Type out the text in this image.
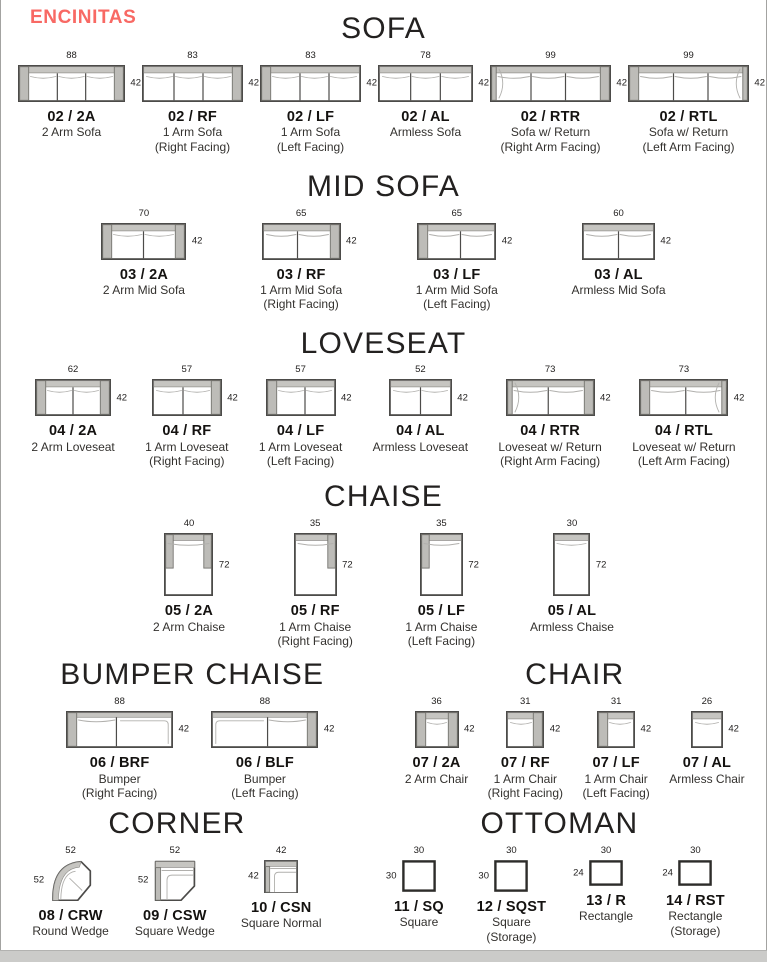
ENCINITAS	SOFA
88
42
02 / 2A
2 Arm Sofa
83
42
02 / RF
1 Arm Sofa
(Right Facing)
83
42
02 / LF
1 Arm Sofa
(Left Facing)
78
42
02 / AL
Armless Sofa
99
42
02 / RTR
Sofa w/ Return
(Right Arm Facing)
99
42
02 / RTL
Sofa w/ Return
(Left Arm Facing)
MID SOFA
70
42
03 / 2A
2 Arm Mid Sofa
65
42
03 / RF
1 Arm Mid Sofa
(Right Facing)
65
42
03 / LF
1 Arm Mid Sofa
(Left Facing)
60
42
03 / AL
Armless Mid Sofa
LOVESEAT
62
42
04 / 2A
2 Arm Loveseat
57
42
04 / RF
1 Arm Loveseat
(Right Facing)
57
42
04 / LF
1 Arm Loveseat
(Left Facing)
52
42
04 / AL
Armless Loveseat
73
42
04 / RTR
Loveseat w/ Return
(Right Arm Facing)
73
42
04 / RTL
Loveseat w/ Return
(Left Arm Facing)
CHAISE
40
72
05 / 2A
2 Arm Chaise
35
72
05 / RF
1 Arm Chaise
(Right Facing)
35
72
05 / LF
1 Arm Chaise
(Left Facing)
30
72
05 / AL
Armless Chaise
BUMPER CHAISE
88
42
06 / BRF
Bumper
(Right Facing)
88
42
06 / BLF
Bumper
(Left Facing)
CHAIR
36
42
07 / 2A
2 Arm Chair
31
42
07 / RF
1 Arm Chair
(Right Facing)
31
42
07 / LF
1 Arm Chair
(Left Facing)
26
42
07 / AL
Armless Chair
CORNER
52
52
08 / CRW
Round Wedge
52
52
09 / CSW
Square Wedge
42
42
10 / CSN
Square Normal
OTTOMAN
30
30
11 / SQ
Square
30
30
12 / SQST
Square
(Storage)
30
24
13 / R
Rectangle
30
24
14 / RST
Rectangle
(Storage)
